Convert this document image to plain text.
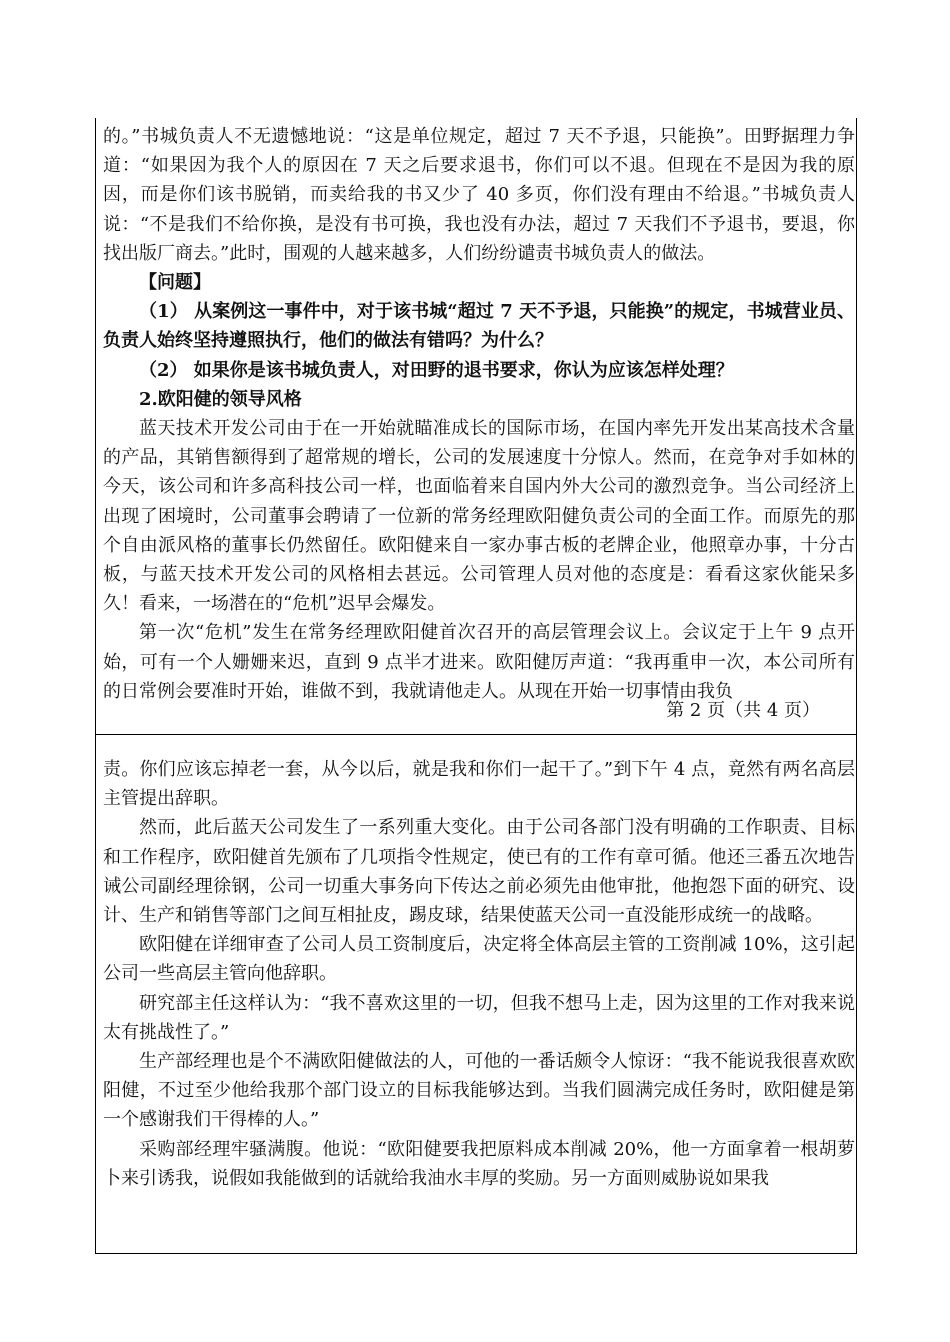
的。”书城负责人不无遗憾地说：“这是单位规定，超过 7 天不予退，只能换”。田野据理力争道：“如果因为我个人的原因在 7 天之后要求退书，你们可以不退。但现在不是因为我的原因，而是你们该书脱销，而卖给我的书又少了 40 多页，你们没有理由不给退。”书城负责人说：“不是我们不给你换，是没有书可换，我也没有办法，超过 7 天我们不予退书，要退，你找出版厂商去。”此时，围观的人越来越多，人们纷纷谴责书城负责人的做法。

【问题】

（1） 从案例这一事件中，对于该书城“超过 7 天不予退，只能换”的规定，书城营业员、负责人始终坚持遵照执行，他们的做法有错吗？为什么？

（2） 如果你是该书城负责人，对田野的退书要求，你认为应该怎样处理？

2.欧阳健的领导风格

蓝天技术开发公司由于在一开始就瞄准成长的国际市场，在国内率先开发出某高技术含量的产品，其销售额得到了超常规的增长，公司的发展速度十分惊人。然而，在竞争对手如林的今天，该公司和许多高科技公司一样，也面临着来自国内外大公司的激烈竞争。当公司经济上出现了困境时，公司董事会聘请了一位新的常务经理欧阳健负责公司的全面工作。而原先的那个自由派风格的董事长仍然留任。欧阳健来自一家办事古板的老牌企业，他照章办事，十分古板，与蓝天技术开发公司的风格相去甚远。公司管理人员对他的态度是：看看这家伙能呆多久！看来，一场潜在的“危机”迟早会爆发。

第一次“危机”发生在常务经理欧阳健首次召开的高层管理会议上。会议定于上午 9 点开始，可有一个人姗姗来迟，直到 9 点半才进来。欧阳健厉声道：“我再重申一次，本公司所有的日常例会要准时开始，谁做不到，我就请他走人。从现在开始一切事情由我负

第 2 页（共 4 页）

责。你们应该忘掉老一套，从今以后，就是我和你们一起干了。”到下午 4 点，竟然有两名高层主管提出辞职。

然而，此后蓝天公司发生了一系列重大变化。由于公司各部门没有明确的工作职责、目标和工作程序，欧阳健首先颁布了几项指令性规定，使已有的工作有章可循。他还三番五次地告诫公司副经理徐钢，公司一切重大事务向下传达之前必须先由他审批，他抱怨下面的研究、设计、生产和销售等部门之间互相扯皮，踢皮球，结果使蓝天公司一直没能形成统一的战略。

欧阳健在详细审查了公司人员工资制度后，决定将全体高层主管的工资削减 10%，这引起公司一些高层主管向他辞职。

研究部主任这样认为：“我不喜欢这里的一切，但我不想马上走，因为这里的工作对我来说太有挑战性了。”

生产部经理也是个不满欧阳健做法的人，可他的一番话颇令人惊讶：“我不能说我很喜欢欧阳健，不过至少他给我那个部门设立的目标我能够达到。当我们圆满完成任务时，欧阳健是第一个感谢我们干得棒的人。”

采购部经理牢骚满腹。他说：“欧阳健要我把原料成本削减 20%，他一方面拿着一根胡萝卜来引诱我，说假如我能做到的话就给我油水丰厚的奖励。另一方面则威胁说如果我
